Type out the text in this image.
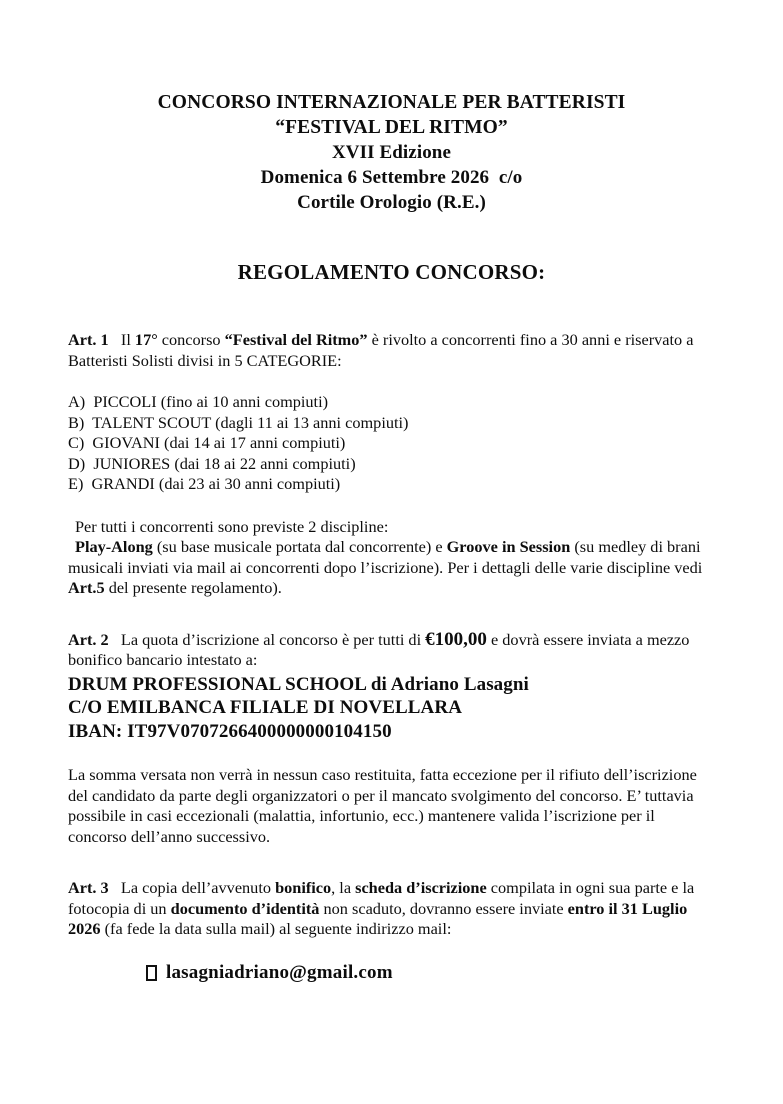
CONCORSO INTERNAZIONALE PER BATTERISTI
“FESTIVAL DEL RITMO”
XVII Edizione
Domenica 6 Settembre 2026  c/o
Cortile Orologio (R.E.)
REGOLAMENTO CONCORSO:
Art. 1 Il 17° concorso “Festival del Ritmo” è rivolto a concorrenti fino a 30 anni e riservato a Batteristi Solisti divisi in 5 CATEGORIE:
A) PICCOLI (fino ai 10 anni compiuti)
B) TALENT SCOUT (dagli 11 ai 13 anni compiuti)
C) GIOVANI (dai 14 ai 17 anni compiuti)
D) JUNIORES (dai 18 ai 22 anni compiuti)
E) GRANDI (dai 23 ai 30 anni compiuti)
Per tutti i concorrenti sono previste 2 discipline:
Play-Along (su base musicale portata dal concorrente) e Groove in Session (su medley di brani musicali inviati via mail ai concorrenti dopo l’iscrizione). Per i dettagli delle varie discipline vedi Art.5 del presente regolamento).
Art. 2 La quota d’iscrizione al concorso è per tutti di €100,00 e dovrà essere inviata a mezzo bonifico bancario intestato a:
DRUM PROFESSIONAL SCHOOL di Adriano Lasagni
C/O EMILBANCA FILIALE DI NOVELLARA
IBAN: IT97V0707266400000000104150
La somma versata non verrà in nessun caso restituita, fatta eccezione per il rifiuto dell’iscrizione del candidato da parte degli organizzatori o per il mancato svolgimento del concorso. E’ tuttavia possibile in casi eccezionali (malattia, infortunio, ecc.) mantenere valida l’iscrizione per il concorso dell’anno successivo.
Art. 3 La copia dell’avvenuto bonifico, la scheda d’iscrizione compilata in ogni sua parte e la fotocopia di un documento d’identità non scaduto, dovranno essere inviate entro il 31 Luglio 2026 (fa fede la data sulla mail) al seguente indirizzo mail:
lasagniadriano@gmail.com
